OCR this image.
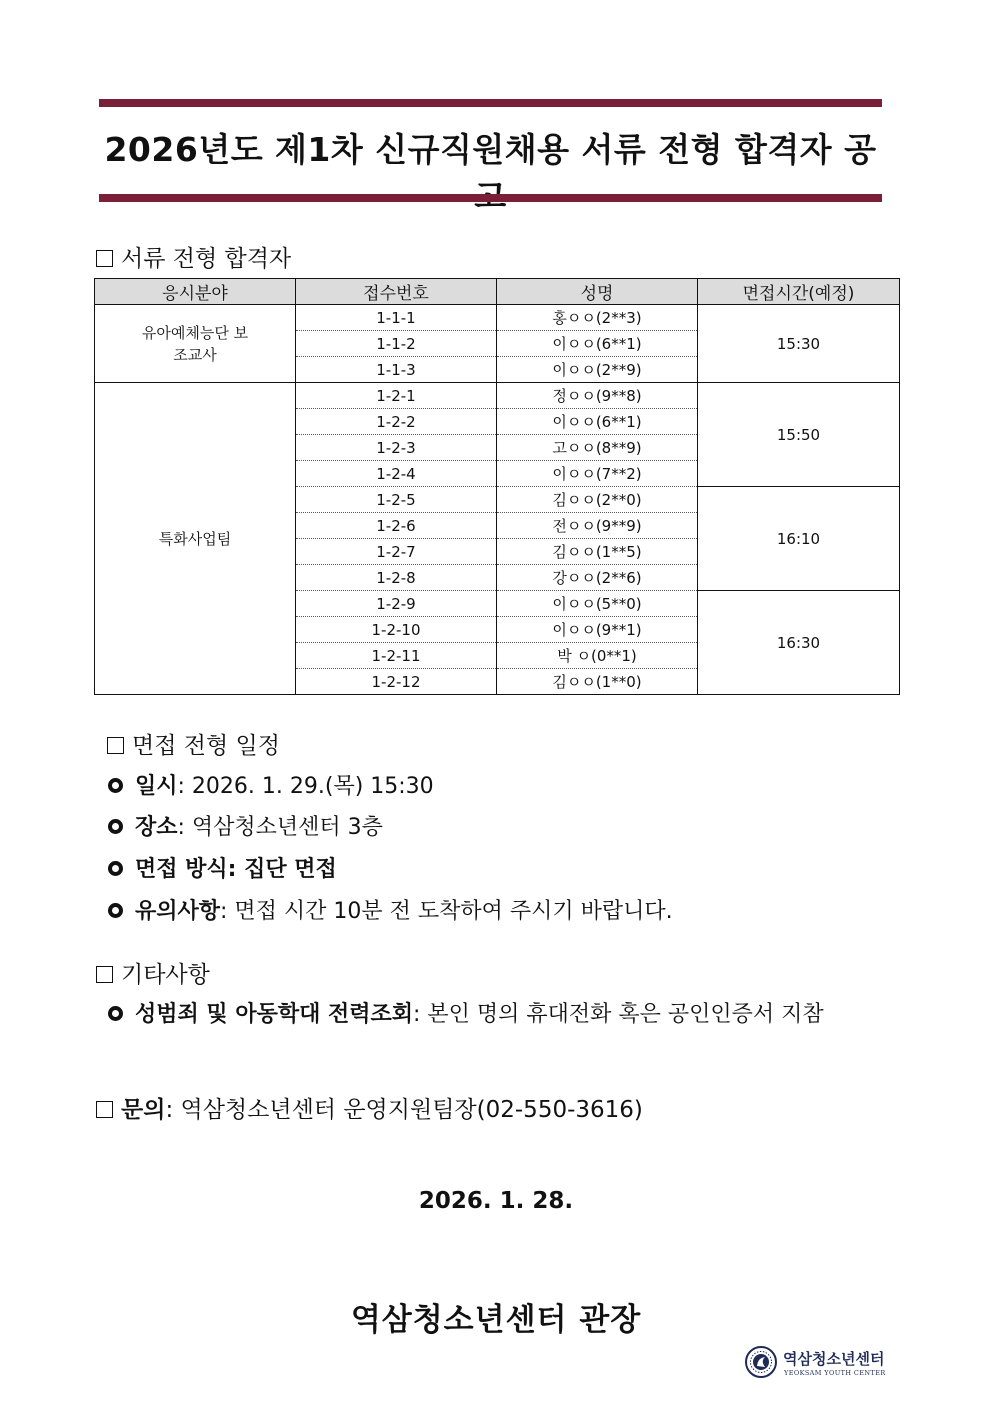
2026년도 제1차 신규직원채용 서류 전형 합격자 공
서류 전형 합격자
응시분야	접수번호	성명	면접시간(예정)
유아예체능단 보조교사	1-1-1	홍ㅇㅇ(2**3)	15:30
	1-1-2	이ㅇㅇ(6**1)	
	1-1-3	이ㅇㅇ(2**9)	
특화사업팀	1-2-1	정ㅇㅇ(9**8)	15:50
	1-2-2	이ㅇㅇ(6**1)	
	1-2-3	고ㅇㅇ(8**9)	
	1-2-4	이ㅇㅇ(7**2)	
	1-2-5	김ㅇㅇ(2**0)	16:10
	1-2-6	전ㅇㅇ(9**9)	
	1-2-7	김ㅇㅇ(1**5)	
	1-2-8	강ㅇㅇ(2**6)	
	1-2-9	이ㅇㅇ(5**0)	16:30
	1-2-10	이ㅇㅇ(9**1)	
	1-2-11	박 ㅇ(0**1)	
	1-2-12	김ㅇㅇ(1**0)	
면접 전형 일정
일시: 2026. 1. 29.(목) 15:30
장소: 역삼청소년센터 3층
면접 방식: 집단 면접
유의사항: 면접 시간 10분 전 도착하여 주시기 바랍니다.
기타사항
성범죄 및 아동학대 전력조회: 본인 명의 휴대전화 혹은 공인인증서 지참
문의: 역삼청소년센터 운영지원팀장(02-550-3616)
2026. 1. 28.
역삼청소년센터 관장
역삼청소년센터
YEOKSAM YOUTH CENTER
